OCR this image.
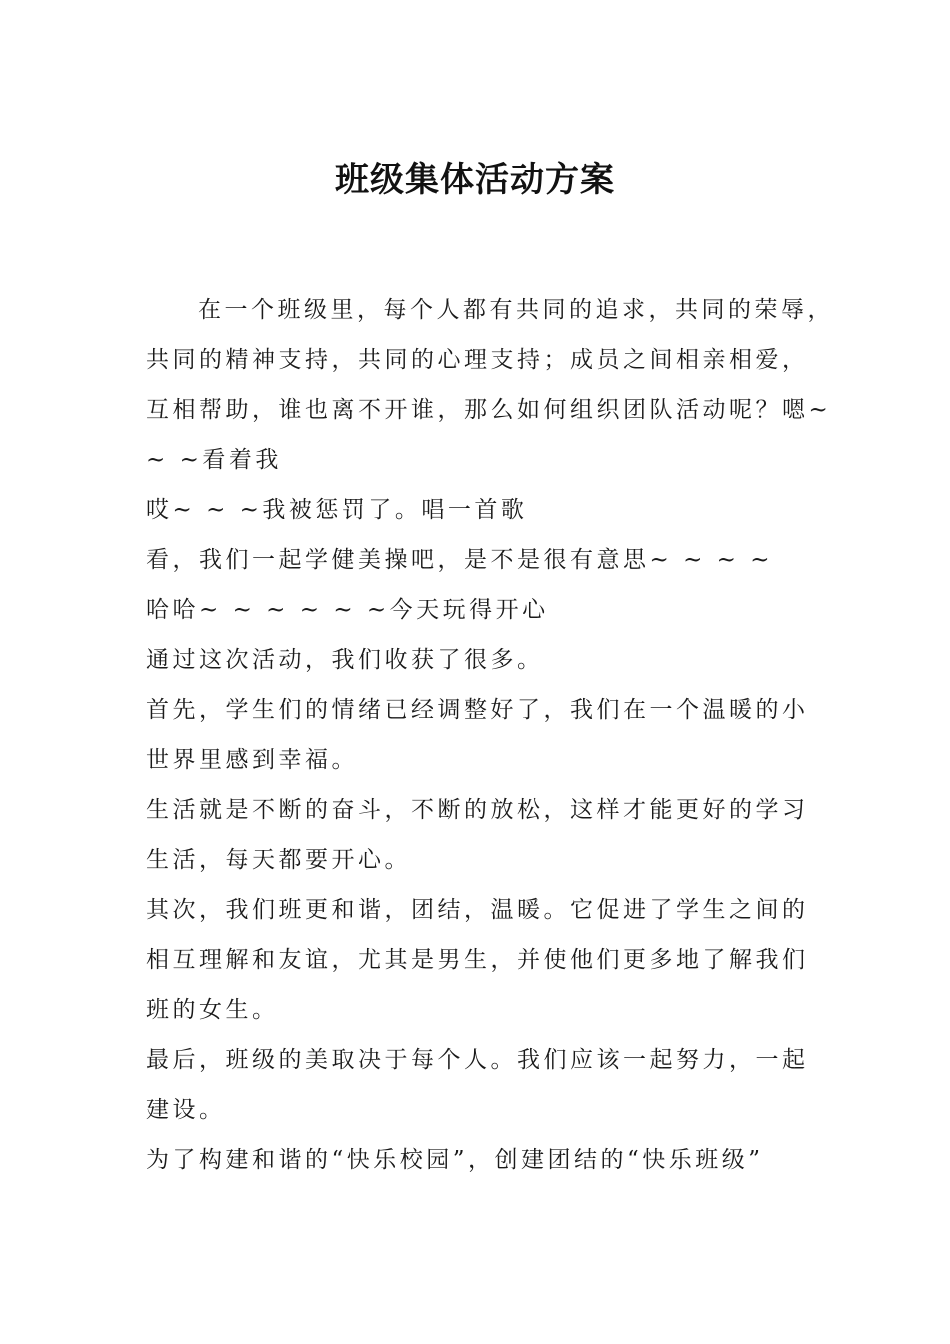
班级集体活动方案
在一个班级里，每个人都有共同的追求，共同的荣辱，
共同的精神支持，共同的心理支持；成员之间相亲相爱，
互相帮助，谁也离不开谁，那么如何组织团队活动呢？嗯~
~ ~看着我
哎~ ~ ~我被惩罚了。唱一首歌
看，我们一起学健美操吧，是不是很有意思~ ~ ~ ~
哈哈~ ~ ~ ~ ~ ~今天玩得开心
通过这次活动，我们收获了很多。
首先，学生们的情绪已经调整好了，我们在一个温暖的小
世界里感到幸福。
生活就是不断的奋斗，不断的放松，这样才能更好的学习
生活，每天都要开心。
其次，我们班更和谐，团结，温暖。它促进了学生之间的
相互理解和友谊，尤其是男生，并使他们更多地了解我们
班的女生。
最后，班级的美取决于每个人。我们应该一起努力，一起
建设。
为了构建和谐的“快乐校园”，创建团结的“快乐班级”
